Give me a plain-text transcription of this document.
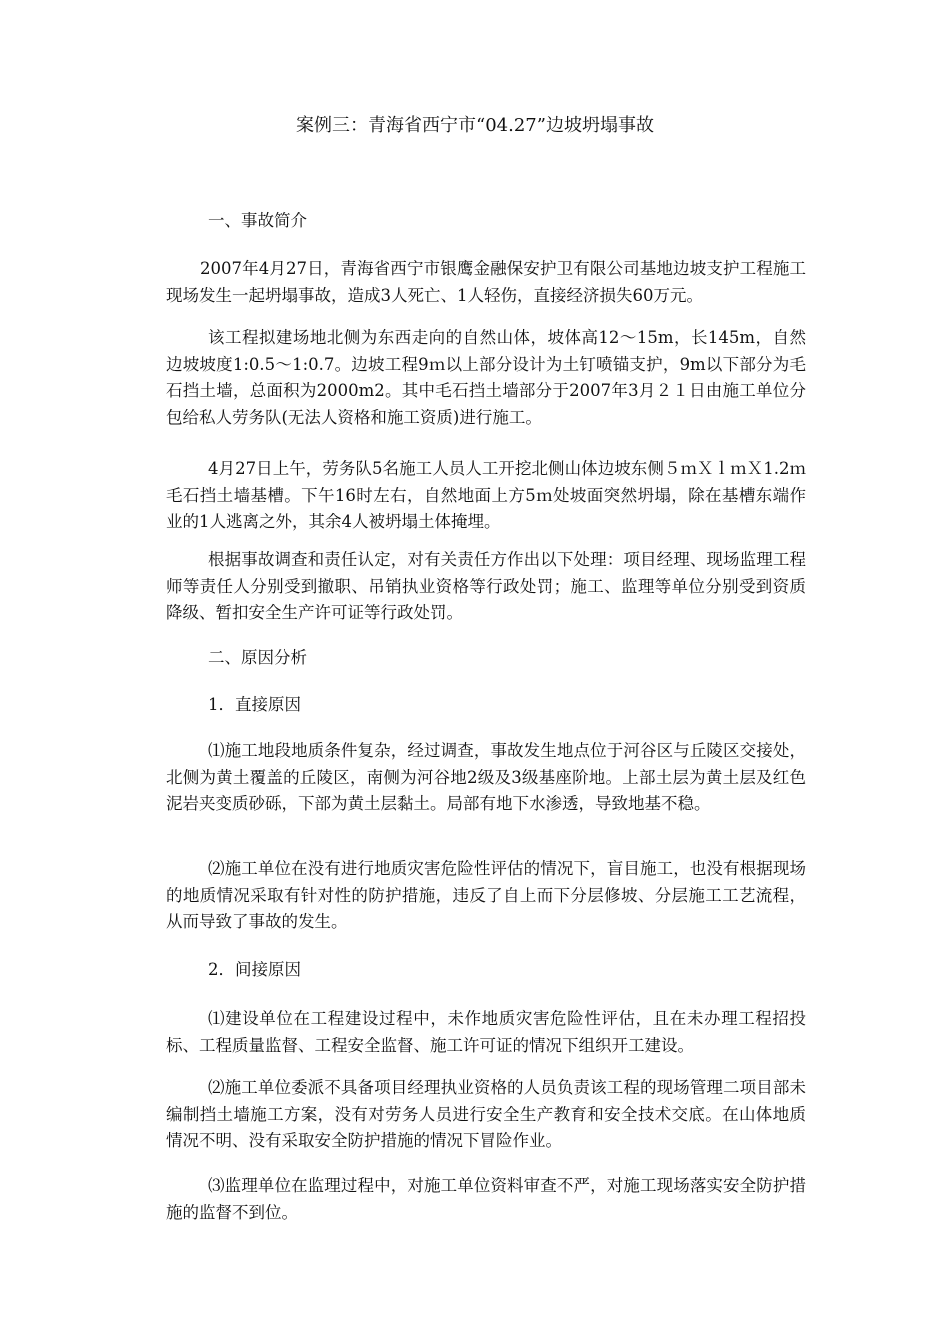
案例三：青海省西宁市“04.27”边坡坍塌事故
一、事故简介

2007年4月27日，青海省西宁市银鹰金融保安护卫有限公司基地边坡支护工程施工现场发生一起坍塌事故，造成3人死亡、1人轻伤，直接经济损失60万元。

该工程拟建场地北侧为东西走向的自然山体，坡体高12～15m，长145m，自然边坡坡度1:0.5～1:0.7。边坡工程9ｍ以上部分设计为土钉喷锚支护，9m以下部分为毛石挡土墙，总面积为2000m2。其中毛石挡土墙部分于2007年3月２１日由施工单位分包给私人劳务队(无法人资格和施工资质)进行施工。

4月27日上午，劳务队5名施工人员人工开挖北侧山体边坡东侧５ｍＸｌｍＸ1.2ｍ毛石挡土墙基槽。下午16时左右，自然地面上方5ｍ处坡面突然坍塌，除在基槽东端作业的1人逃离之外，其余4人被坍塌土体掩埋。

根据事故调查和责任认定，对有关责任方作出以下处理：项目经理、现场监理工程师等责任人分别受到撤职、吊销执业资格等行政处罚；施工、监理等单位分别受到资质降级、暂扣安全生产许可证等行政处罚。

二、原因分析
1．直接原因

⑴施工地段地质条件复杂，经过调查，事故发生地点位于河谷区与丘陵区交接处，北侧为黄土覆盖的丘陵区，南侧为河谷地2级及3级基座阶地。上部土层为黄土层及红色泥岩夹变质砂砾，下部为黄土层黏土。局部有地下水渗透，导致地基不稳。

⑵施工单位在没有进行地质灾害危险性评估的情况下，盲目施工，也没有根据现场的地质情况采取有针对性的防护措施，违反了自上而下分层修坡、分层施工工艺流程，从而导致了事故的发生。

2．间接原因

⑴建设单位在工程建设过程中，未作地质灾害危险性评估，且在未办理工程招投标、工程质量监督、工程安全监督、施工许可证的情况下组织开工建设。

⑵施工单位委派不具备项目经理执业资格的人员负责该工程的现场管理二项目部未编制挡土墙施工方案，没有对劳务人员进行安全生产教育和安全技术交底。在山体地质情况不明、没有采取安全防护措施的情况下冒险作业。

⑶监理单位在监理过程中，对施工单位资料审查不严，对施工现场落实安全防护措施的监督不到位。
